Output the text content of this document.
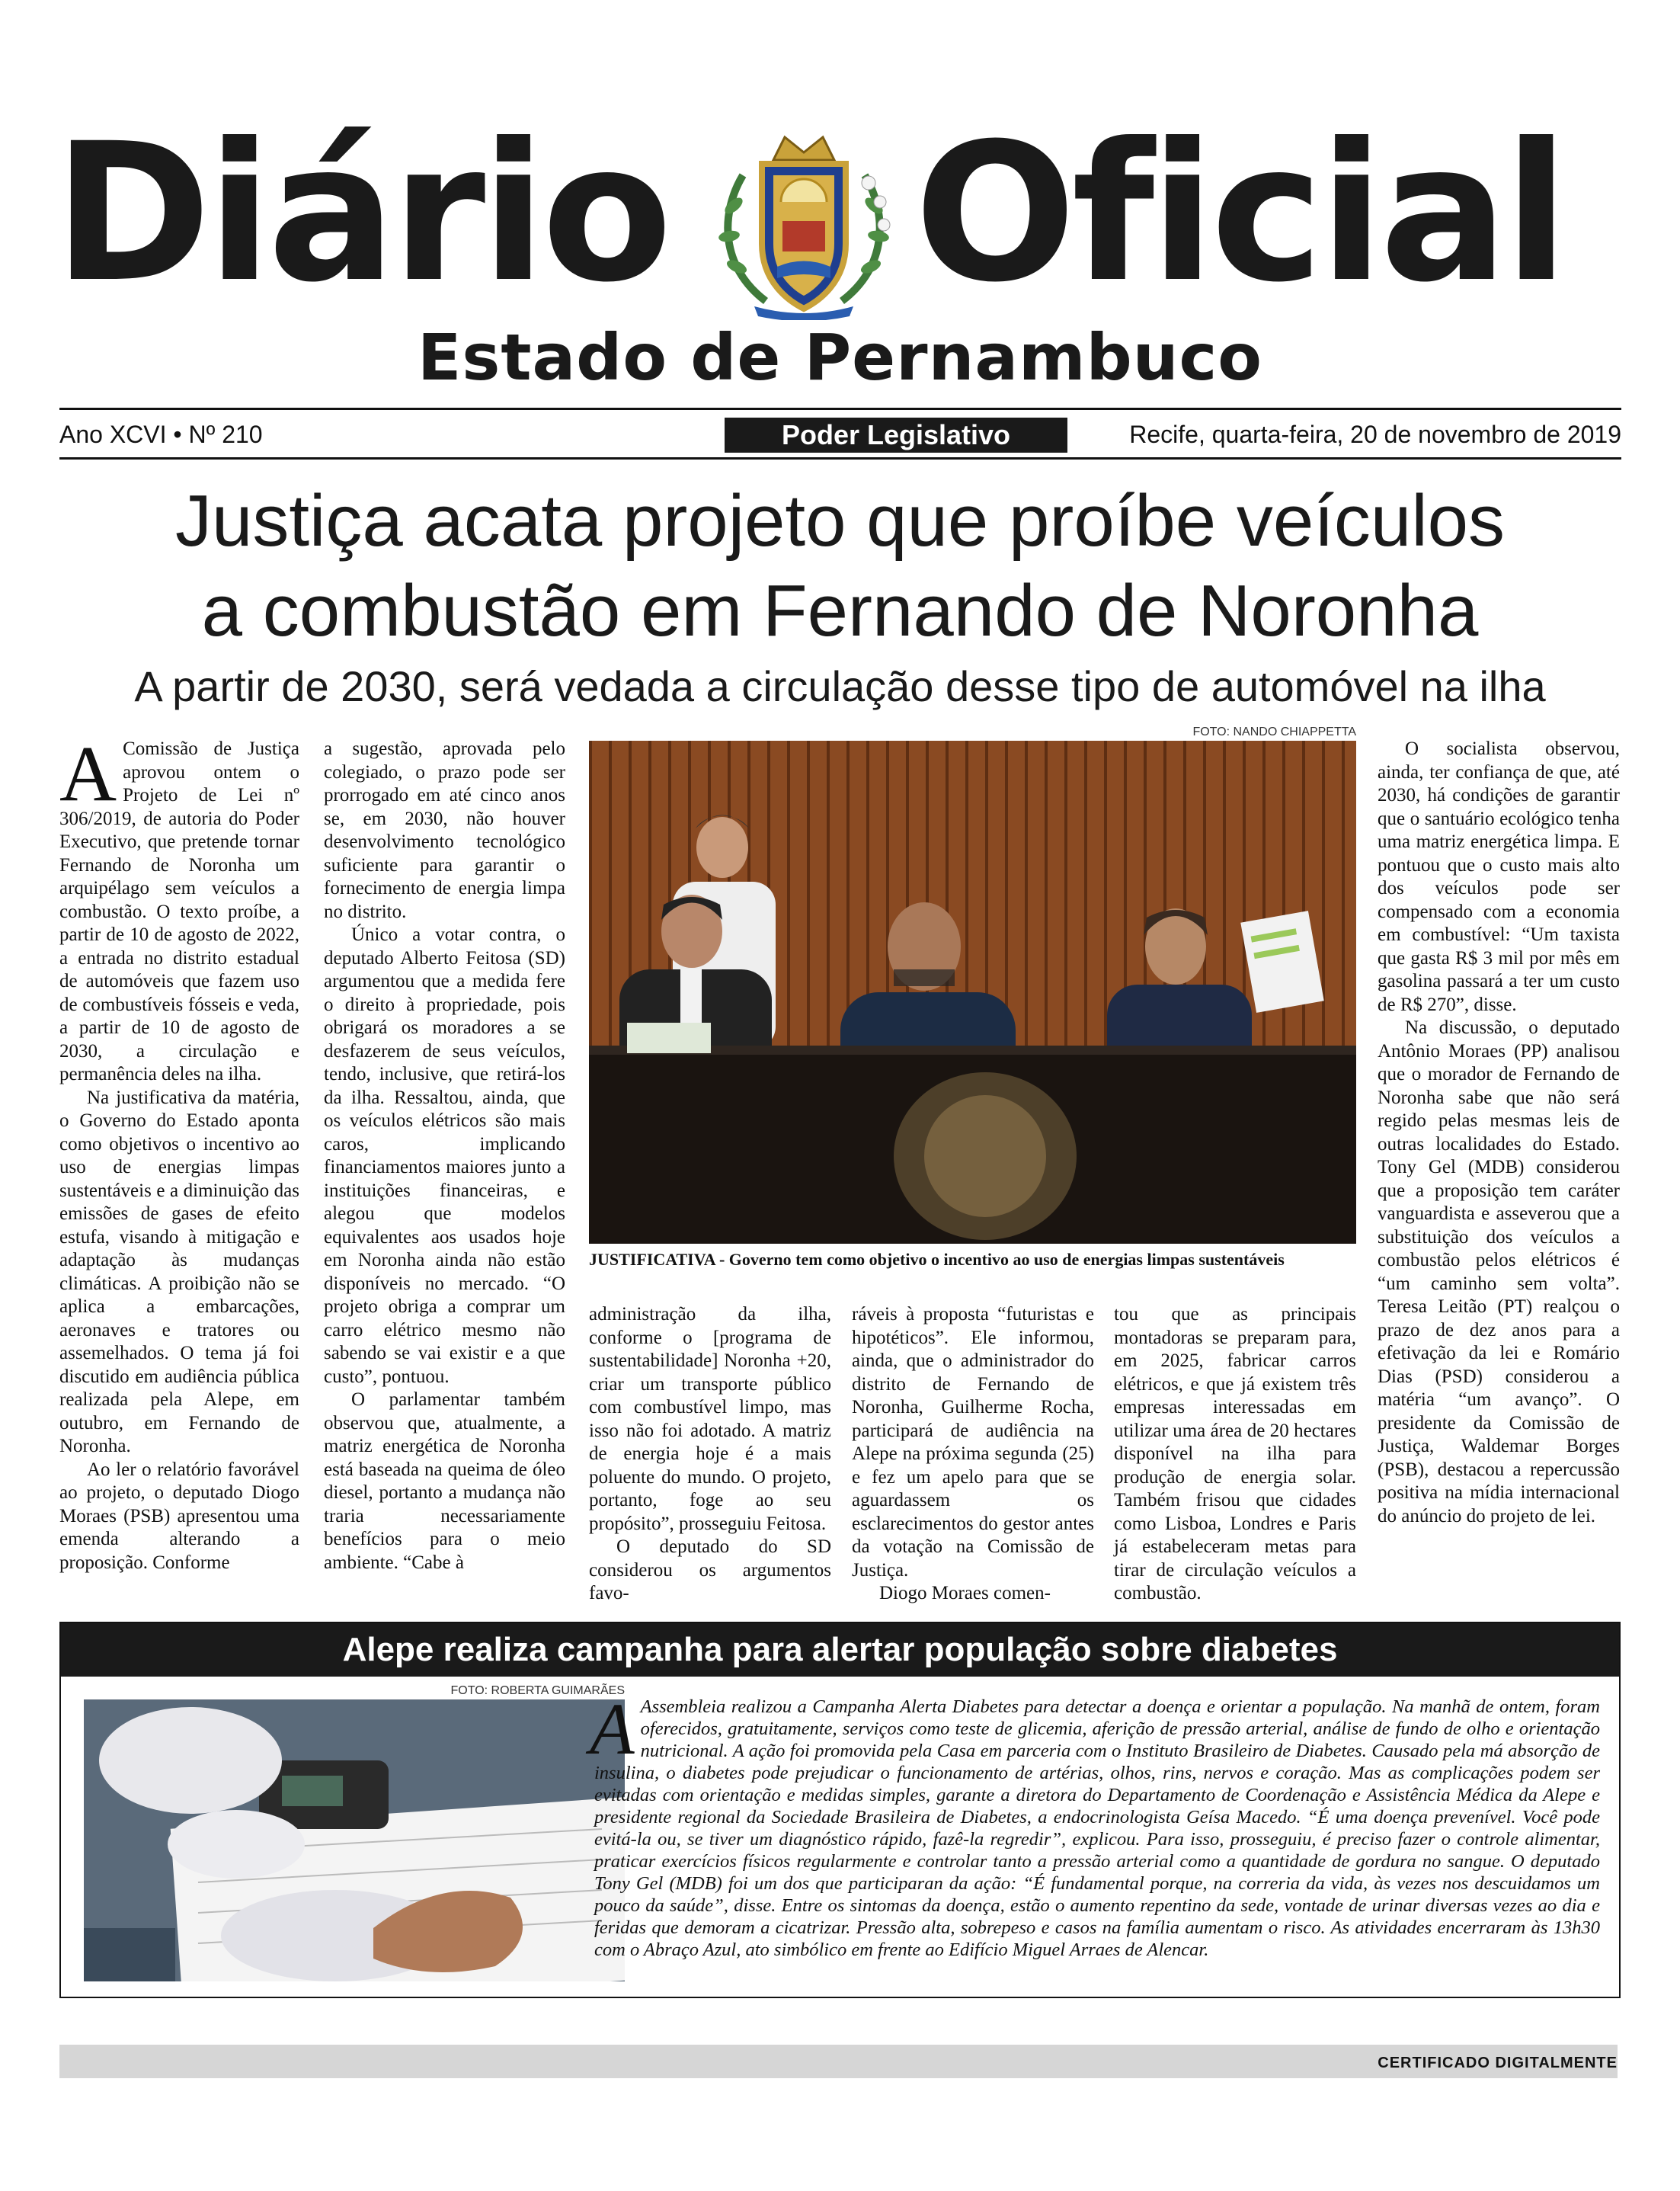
Diário Oficial
Estado de Pernambuco
Ano XCVI • Nº 210	Poder Legislativo	Recife, quarta-feira, 20 de novembro de 2019
Justiça acata projeto que proíbe veículos
a combustão em Fernando de Noronha
A partir de 2030, será vedada a circulação desse tipo de automóvel na ilha

A Comissão de Justiça aprovou ontem o Projeto de Lei nº 306/2019, de autoria do Poder Executivo, que pretende tornar Fernando de Noronha um arquipélago sem veículos a combustão. O texto proíbe, a partir de 10 de agosto de 2022, a entrada no distrito estadual de automóveis que fazem uso de combustíveis fósseis e veda, a partir de 10 de agosto de 2030, a circulação e permanência deles na ilha.

Na justificativa da matéria, o Governo do Estado aponta como objetivos o incentivo ao uso de energias limpas sustentáveis e a diminuição das emissões de gases de efeito estufa, visando à mitigação e adaptação às mudanças climáticas. A proibição não se aplica a embarcações, aeronaves e tratores ou assemelhados. O tema já foi discutido em audiência pública realizada pela Alepe, em outubro, em Fernando de Noronha.

Ao ler o relatório favorável ao projeto, o deputado Diogo Moraes (PSB) apresentou uma emenda alterando a proposição. Conforme

a sugestão, aprovada pelo colegiado, o prazo pode ser prorrogado em até cinco anos se, em 2030, não houver desenvolvimento tecnológico suficiente para garantir o fornecimento de energia limpa no distrito.

Único a votar contra, o deputado Alberto Feitosa (SD) argumentou que a medida fere o direito à propriedade, pois obrigará os moradores a se desfazerem de seus veículos, tendo, inclusive, que retirá-los da ilha. Ressaltou, ainda, que os veículos elétricos são mais caros, implicando financiamentos maiores junto a instituições financeiras, e alegou que modelos equivalentes aos usados hoje em Noronha ainda não estão disponíveis no mercado. “O projeto obriga a comprar um carro elétrico mesmo não sabendo se vai existir e a que custo”, pontuou.

O parlamentar também observou que, atualmente, a matriz energética de Noronha está baseada na queima de óleo diesel, portanto a mudança não traria necessariamente benefícios para o meio ambiente. “Cabe à

FOTO: NANDO CHIAPPETTA
JUSTIFICATIVA - Governo tem como objetivo o incentivo ao uso de energias limpas sustentáveis

administração da ilha, conforme o [programa de sustentabilidade] Noronha +20, criar um transporte público com combustível limpo, mas isso não foi adotado. A matriz de energia hoje é a mais poluente do mundo. O projeto, portanto, foge ao seu propósito”, prosseguiu Feitosa.

O deputado do SD considerou os argumentos favo-

ráveis à proposta “futuristas e hipotéticos”. Ele informou, ainda, que o administrador do distrito de Fernando de Noronha, Guilherme Rocha, participará de audiência na Alepe na próxima segunda (25) e fez um apelo para que se aguardassem os esclarecimentos do gestor antes da votação na Comissão de Justiça.

Diogo Moraes comen-

tou que as principais montadoras se preparam para, em 2025, fabricar carros elétricos, e que já existem três empresas interessadas em utilizar uma área de 20 hectares disponível na ilha para produção de energia solar. Também frisou que cidades como Lisboa, Londres e Paris já estabeleceram metas para tirar de circulação veículos a combustão.

O socialista observou, ainda, ter confiança de que, até 2030, há condições de garantir que o santuário ecológico tenha uma matriz energética limpa. E pontuou que o custo mais alto dos veículos pode ser compensado com a economia em combustível: “Um taxista que gasta R$ 3 mil por mês em gasolina passará a ter um custo de R$ 270”, disse.

Na discussão, o deputado Antônio Moraes (PP) analisou que o morador de Fernando de Noronha sabe que não será regido pelas mesmas leis de outras localidades do Estado. Tony Gel (MDB) considerou que a proposição tem caráter vanguardista e asseverou que a substituição dos veículos a combustão pelos elétricos é “um caminho sem volta”. Teresa Leitão (PT) realçou o prazo de dez anos para a efetivação da lei e Romário Dias (PSD) considerou a matéria “um avanço”. O presidente da Comissão de Justiça, Waldemar Borges (PSB), destacou a repercussão positiva na mídia internacional do anúncio do projeto de lei.

Alepe realiza campanha para alertar população sobre diabetes
FOTO: ROBERTA GUIMARÃES
A Assembleia realizou a Campanha Alerta Diabetes para detectar a doença e orientar a população. Na manhã de ontem, foram oferecidos, gratuitamente, serviços como teste de glicemia, aferição de pressão arterial, análise de fundo de olho e orientação nutricional. A ação foi promovida pela Casa em parceria com o Instituto Brasileiro de Diabetes. Causado pela má absorção de insulina, o diabetes pode prejudicar o funcionamento de artérias, olhos, rins, nervos e coração. Mas as complicações podem ser evitadas com orientação e medidas simples, garante a diretora do Departamento de Coordenação e Assistência Médica da Alepe e presidente regional da Sociedade Brasileira de Diabetes, a endocrinologista Geísa Macedo. “É uma doença prevenível. Você pode evitá-la ou, se tiver um diagnóstico rápido, fazê-la regredir”, explicou. Para isso, prosseguiu, é preciso fazer o controle alimentar, praticar exercícios físicos regularmente e controlar tanto a pressão arterial como a quantidade de gordura no sangue. O deputado Tony Gel (MDB) foi um dos que participaran da ação: “É fundamental porque, na correria da vida, às vezes nos descuidamos um pouco da saúde”, disse. Entre os sintomas da doença, estão o aumento repentino da sede, vontade de urinar diversas vezes ao dia e feridas que demoram a cicatrizar. Pressão alta, sobrepeso e casos na família aumentam o risco. As atividades encerraram às 13h30 com o Abraço Azul, ato simbólico em frente ao Edifício Miguel Arraes de Alencar.
CERTIFICADO DIGITALMENTE
